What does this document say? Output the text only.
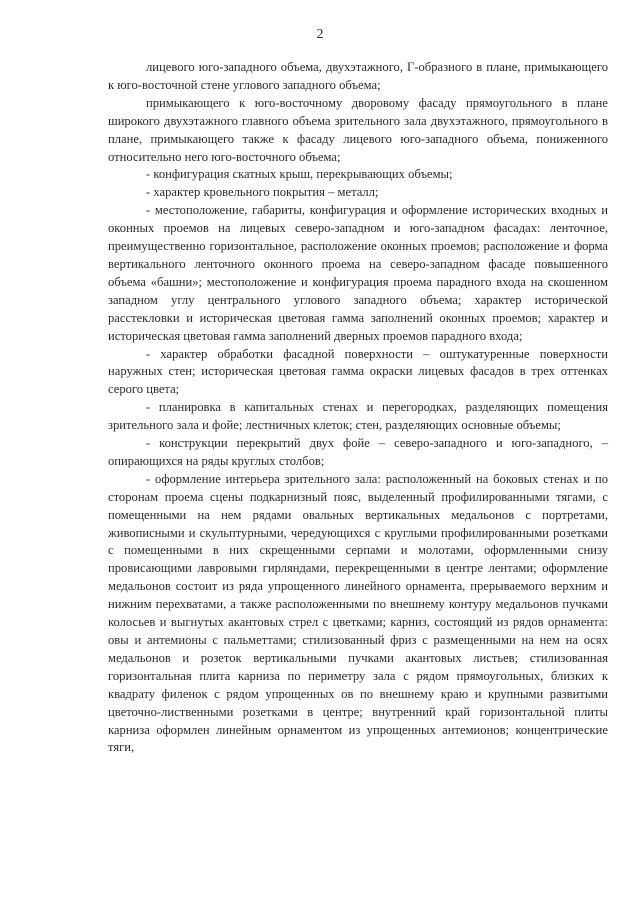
2

лицевого юго-западного объема, двухэтажного, Г-образного в плане, примыкающего к юго-восточной стене углового западного объема;

примыкающего к юго-восточному дворовому фасаду прямоугольного в плане широкого двухэтажного главного объема зрительного зала двухэтажного, прямоугольного в плане, примыкающего также к фасаду лицевого юго-западного объема, пониженного относительно него юго-восточного объема;

- конфигурация скатных крыш, перекрывающих объемы;

- характер кровельного покрытия – металл;

- местоположение, габариты, конфигурация и оформление исторических входных и оконных проемов на лицевых северо-западном и юго-западном фасадах: ленточное, преимущественно горизонтальное, расположение оконных проемов; расположение и форма вертикального ленточного оконного проема на северо-западном фасаде повышенного объема «башни»; местоположение и конфигурация проема парадного входа на скошенном западном углу центрального углового западного объема; характер исторической расстекловки и историческая цветовая гамма заполнений оконных проемов; характер и историческая цветовая гамма заполнений дверных проемов парадного входа;

- характер обработки фасадной поверхности – оштукатуренные поверхности наружных стен; историческая цветовая гамма окраски лицевых фасадов в трех оттенках серого цвета;

- планировка в капитальных стенах и перегородках, разделяющих помещения зрительного зала и фойе; лестничных клеток; стен, разделяющих основные объемы;

- конструкции перекрытий двух фойе – северо-западного и юго-западного, – опирающихся на ряды круглых столбов;

- оформление интерьера зрительного зала: расположенный на боковых стенах и по сторонам проема сцены подкарнизный пояс, выделенный профилированными тягами, с помещенными на нем рядами овальных вертикальных медальонов с портретами, живописными и скульптурными, чередующихся с круглыми профилированными розетками с помещенными в них скрещенными серпами и молотами, оформленными снизу провисающими лавровыми гирляндами, перекрещенными в центре лентами; оформление медальонов состоит из ряда упрощенного линейного орнамента, прерываемого верхним и нижним перехватами, а также расположенными по внешнему контуру медальонов пучками колосьев и выгнутых акантовых стрел с цветками; карниз, состоящий из рядов орнамента: овы и антемионы с пальметтами; стилизованный фриз с размещенными на нем на осях медальонов и розеток вертикальными пучками акантовых листьев; стилизованная горизонтальная плита карниза по периметру зала с рядом прямоугольных, близких к квадрату филенок с рядом упрощенных ов по внешнему краю и крупными развитыми цветочно-лиственными розетками в центре; внутренний край горизонтальной плиты карниза оформлен линейным орнаментом из упрощенных антемионов; концентрические тяги,
